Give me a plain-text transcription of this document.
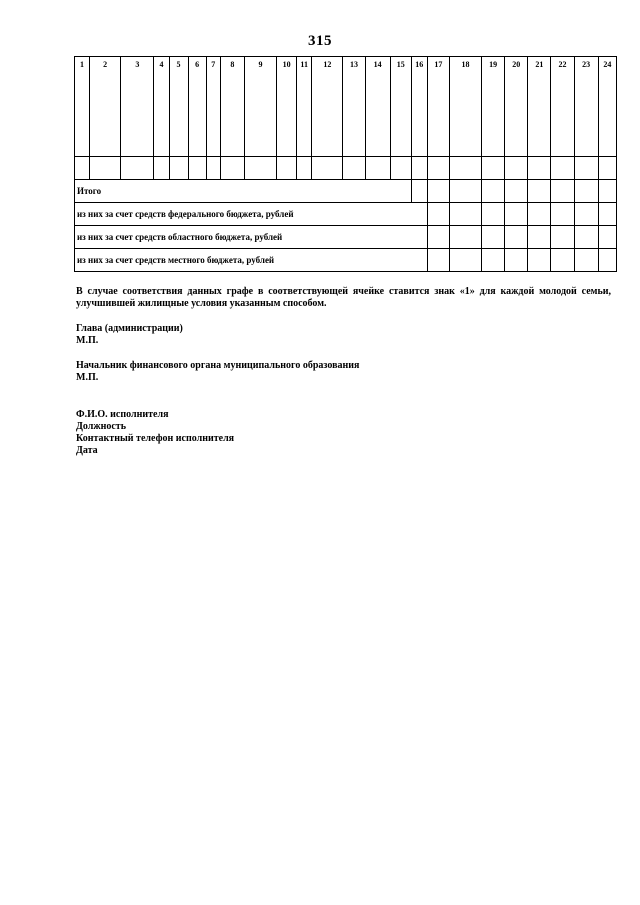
315
1	2	3	4	5	6	7	8	9	10	11	12	13	14	15	16	17	18	19	20	21	22	23	24

Итого																							
из них за счет средств федерального бюджета, рублей																							
из них за счет средств областного бюджета, рублей																							
из них за счет средств местного бюджета, рублей																							
В случае соответствия данных графе в соответствующей ячейке ставится знак «1» для каждой молодой семьи,
улучшившей жилищные условия указанным способом.
Глава (администрации)
М.П.
Начальник финансового органа муниципального образования
М.П.
Ф.И.О. исполнителя
Должность
Контактный телефон исполнителя
Дата
